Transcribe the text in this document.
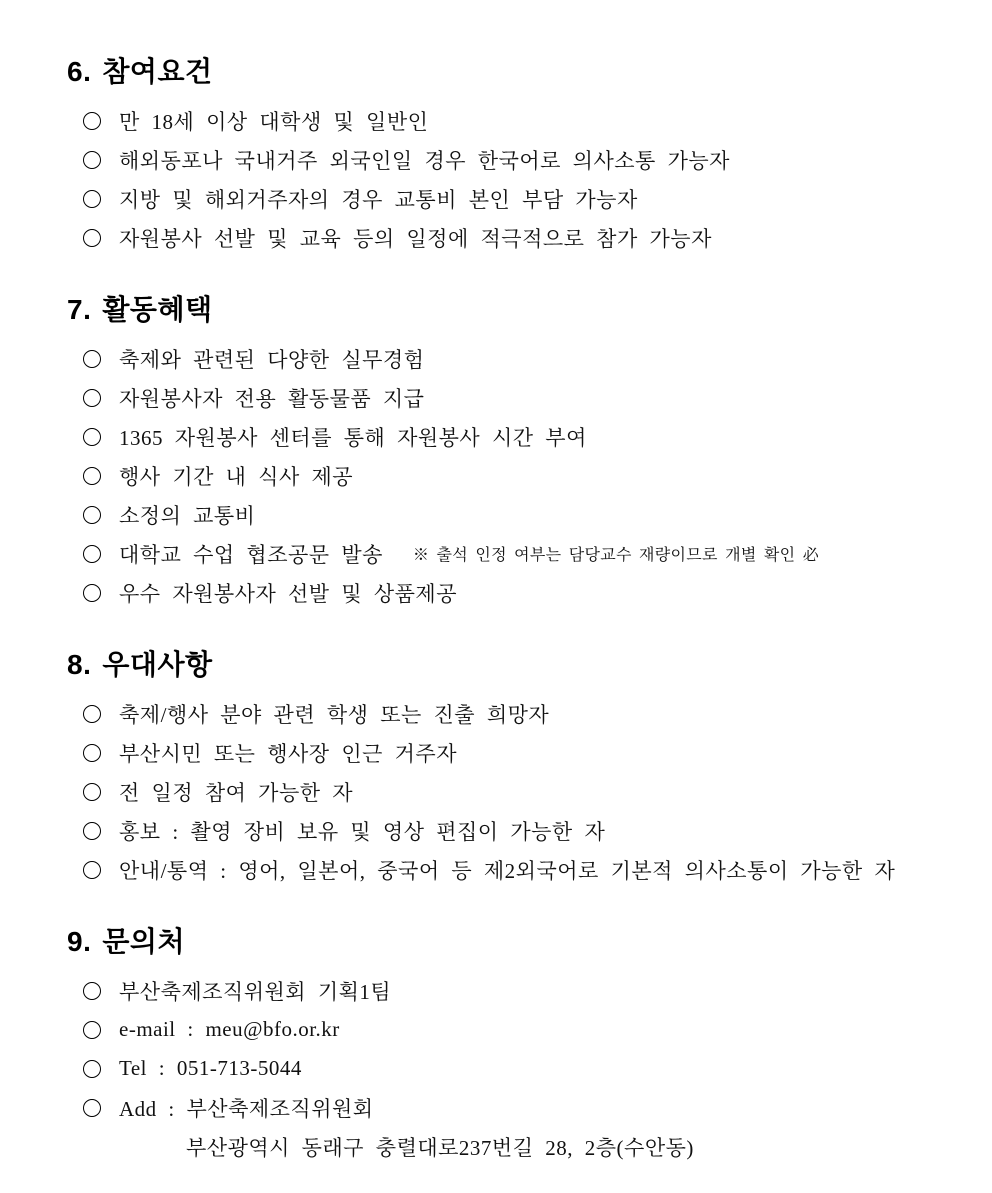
6. 참여요건
만 18세 이상 대학생 및 일반인
해외동포나 국내거주 외국인일 경우 한국어로 의사소통 가능자
지방 및 해외거주자의 경우 교통비 본인 부담 가능자
자원봉사 선발 및 교육 등의 일정에 적극적으로 참가 가능자
7. 활동혜택
축제와 관련된 다양한 실무경험
자원봉사자 전용 활동물품 지급
1365 자원봉사 센터를 통해 자원봉사 시간 부여
행사 기간 내 식사 제공
소정의 교통비
대학교 수업 협조공문 발송 ※ 출석 인정 여부는 담당교수 재량이므로 개별 확인 必
우수 자원봉사자 선발 및 상품제공
8. 우대사항
축제/행사 분야 관련 학생 또는 진출 희망자
부산시민 또는 행사장 인근 거주자
전 일정 참여 가능한 자
홍보 : 촬영 장비 보유 및 영상 편집이 가능한 자
안내/통역 : 영어, 일본어, 중국어 등 제2외국어로 기본적 의사소통이 가능한 자
9. 문의처
부산축제조직위원회 기획1팀
e-mail : meu@bfo.or.kr
Tel : 051-713-5044
Add : 부산축제조직위원회
부산광역시 동래구 충렬대로237번길 28, 2층(수안동)
